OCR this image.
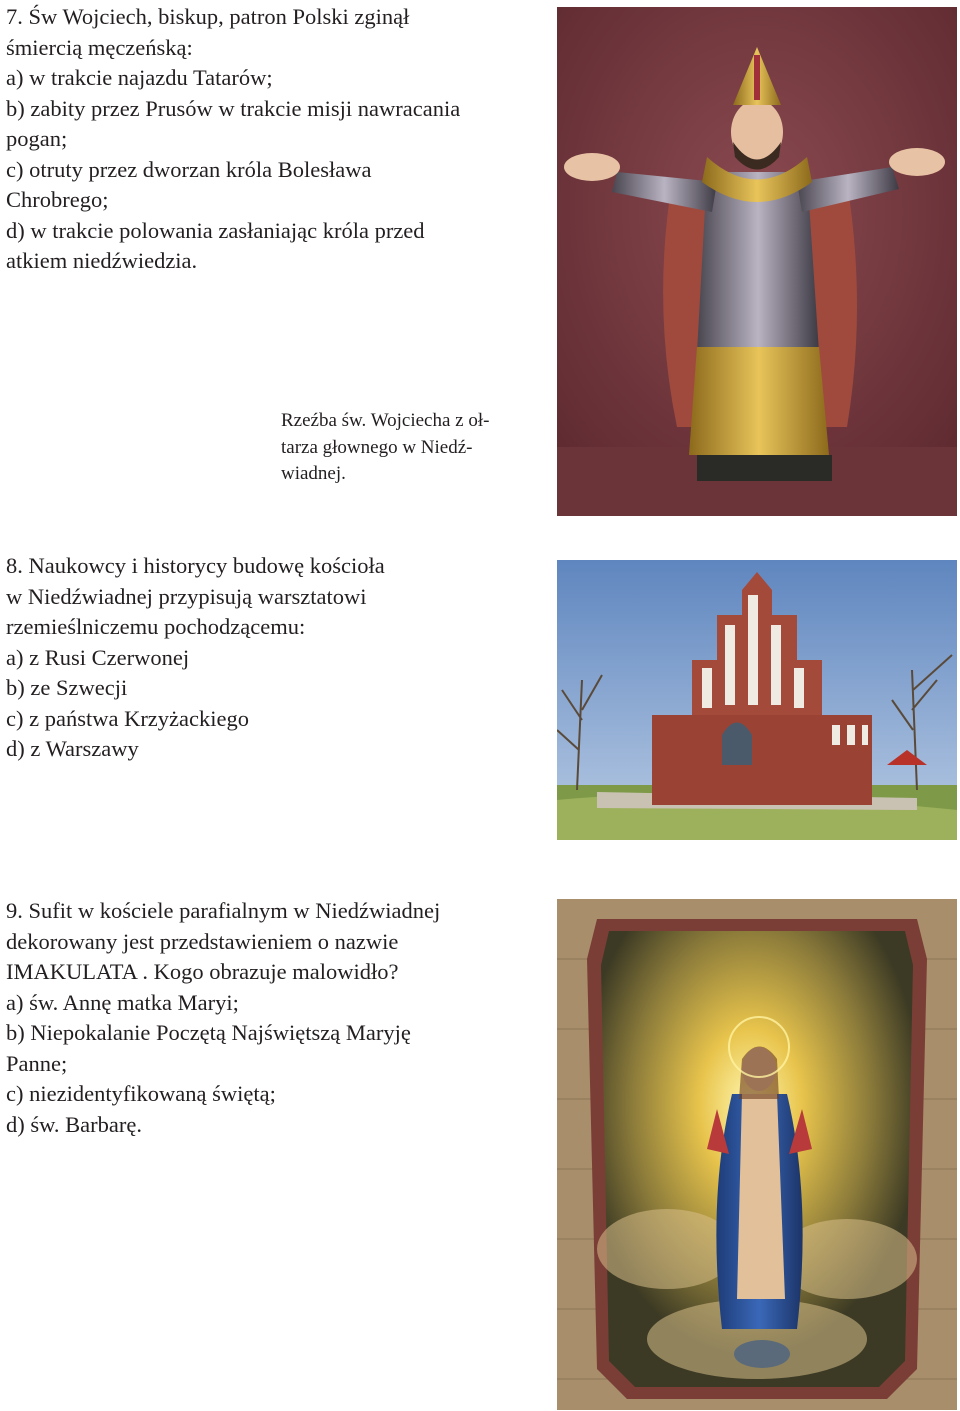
7. Św Wojciech, biskup, patron Polski zginął
śmiercią męczeńską:
a) w trakcie najazdu Tatarów;
b) zabity przez Prusów w trakcie misji nawracania
pogan;
c) otruty przez dworzan króla Bolesława
Chrobrego;
d) w trakcie polowania zasłaniając króla przed
atkiem niedźwiedzia.
Rzeźba św. Wojciecha z oł-
tarza głownego w Niedź-
wiadnej.
8. Naukowcy i historycy budowę kościoła
w Niedźwiadnej przypisują warsztatowi
rzemieślniczemu pochodzącemu:
a) z Rusi Czerwonej
b) ze Szwecji
c) z państwa Krzyżackiego
d) z Warszawy
9. Sufit w kościele parafialnym w Niedźwiadnej
dekorowany jest przedstawieniem o nazwie
IMAKULATA . Kogo obrazuje malowidło?
a) św. Annę matka Maryi;
b) Niepokalanie Poczętą Najświętszą Maryję
Panne;
c) niezidentyfikowaną świętą;
d) św. Barbarę.
